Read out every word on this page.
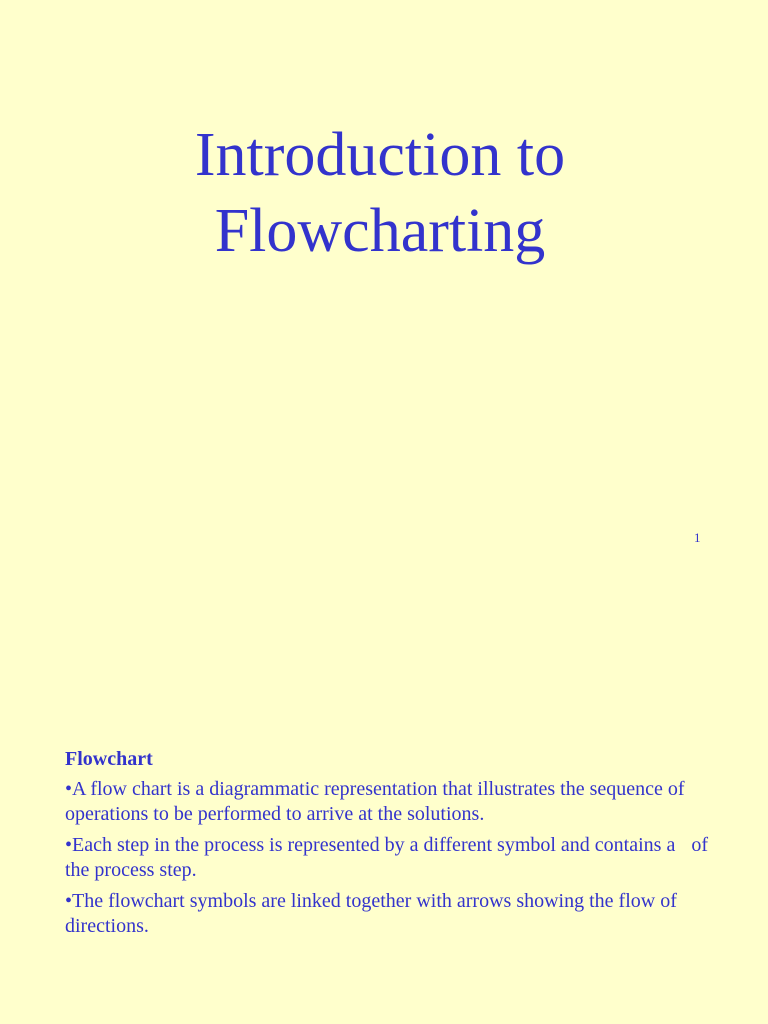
Introduction to
Flowcharting
1
Flowchart
•A flow chart is a diagrammatic representation that illustrates the sequence of operations to be performed to arrive at the solutions.
•Each step in the process is represented by a different symbol and contains a of the process step.
•The flowchart symbols are linked together with arrows showing the flow of directions.
